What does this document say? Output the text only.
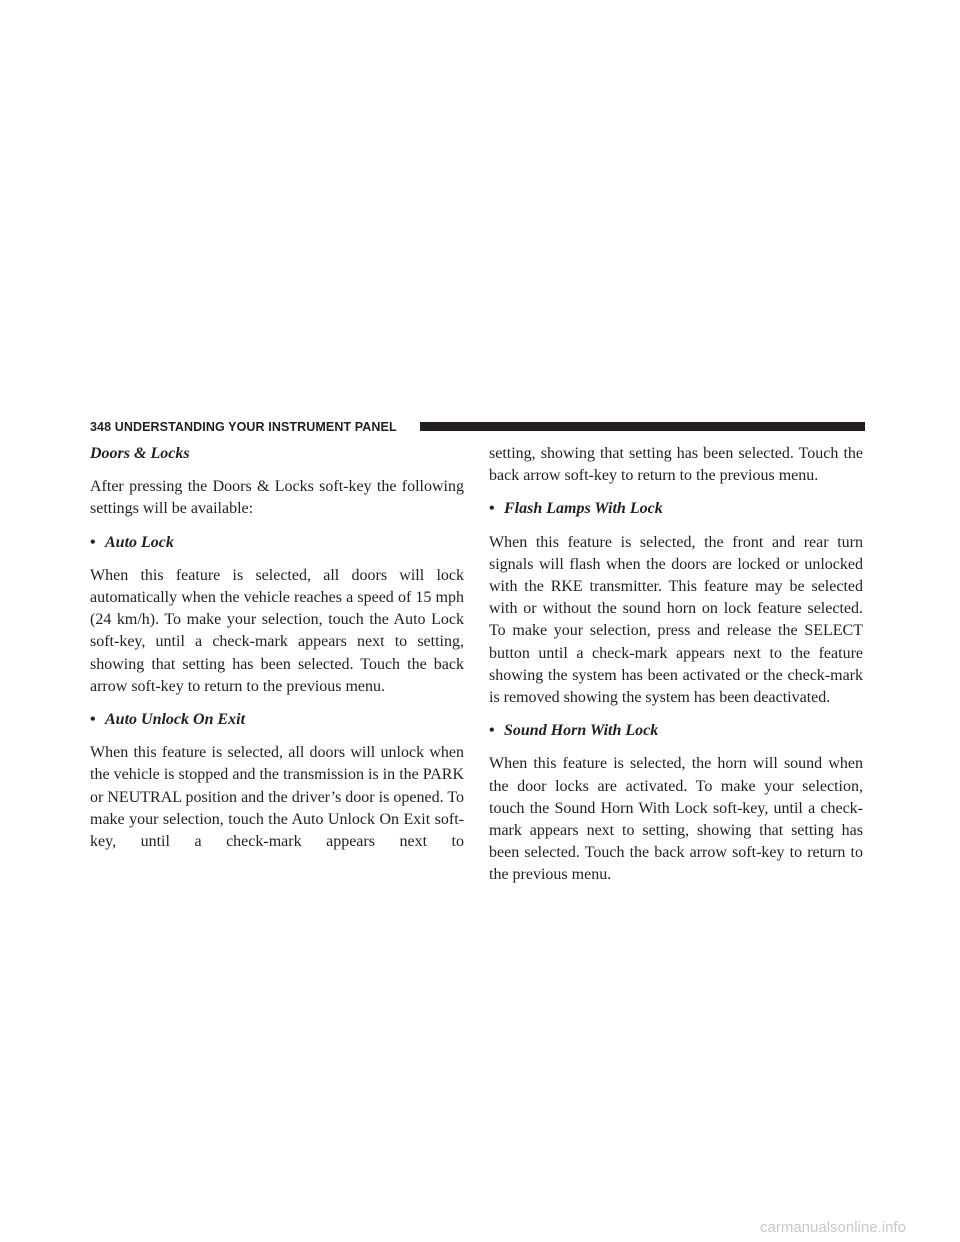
348 UNDERSTANDING YOUR INSTRUMENT PANEL

Doors & Locks

After pressing the Doors & Locks soft-key the following settings will be available:

• Auto Lock

When this feature is selected, all doors will lock automatically when the vehicle reaches a speed of 15 mph (24 km/h). To make your selection, touch the Auto Lock soft-key, until a check-mark appears next to setting, showing that setting has been selected. Touch the back arrow soft-key to return to the previous menu.

• Auto Unlock On Exit

When this feature is selected, all doors will unlock when the vehicle is stopped and the transmission is in the PARK or NEUTRAL position and the driver’s door is opened. To make your selection, touch the Auto Unlock On Exit soft-key, until a check-mark appears next to

setting, showing that setting has been selected. Touch the back arrow soft-key to return to the previous menu.

• Flash Lamps With Lock

When this feature is selected, the front and rear turn signals will flash when the doors are locked or unlocked with the RKE transmitter. This feature may be selected with or without the sound horn on lock feature selected. To make your selection, press and release the SELECT button until a check-mark appears next to the feature showing the system has been activated or the check-mark is removed showing the system has been deactivated.

• Sound Horn With Lock

When this feature is selected, the horn will sound when the door locks are activated. To make your selection, touch the Sound Horn With Lock soft-key, until a check-mark appears next to setting, showing that setting has been selected. Touch the back arrow soft-key to return to the previous menu.

carmanualsonline.info
